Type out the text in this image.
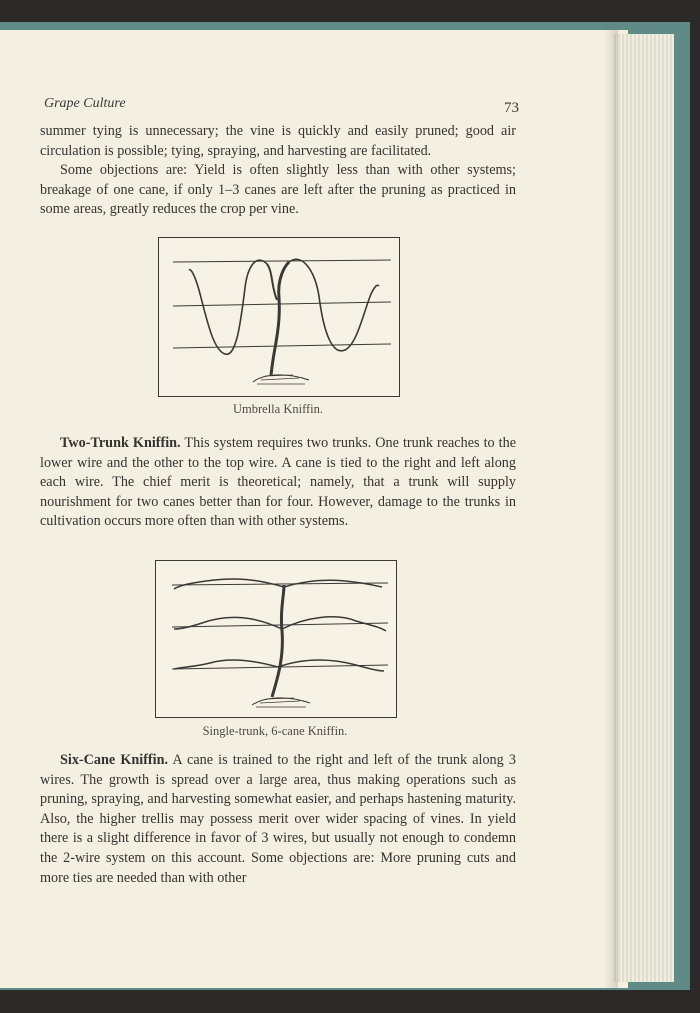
Grape Culture	73

summer tying is unnecessary; the vine is quickly and easily pruned; good air circulation is possible; tying, spraying, and harvesting are facilitated.

Some objections are: Yield is often slightly less than with other systems; breakage of one cane, if only 1–3 canes are left after the pruning as practiced in some areas, greatly reduces the crop per vine.

Umbrella Kniffin.

Two-Trunk Kniffin. This system requires two trunks. One trunk reaches to the lower wire and the other to the top wire. A cane is tied to the right and left along each wire. The chief merit is theoretical; namely, that a trunk will supply nourishment for two canes better than for four. However, damage to the trunks in cultivation occurs more often than with other systems.

Single-trunk, 6-cane Kniffin.

Six-Cane Kniffin. A cane is trained to the right and left of the trunk along 3 wires. The growth is spread over a large area, thus making operations such as pruning, spraying, and harvesting somewhat easier, and perhaps hastening maturity. Also, the higher trellis may possess merit over wider spacing of vines. In yield there is a slight difference in favor of 3 wires, but usually not enough to condemn the 2-wire system on this account. Some objections are: More pruning cuts and more ties are needed than with other
